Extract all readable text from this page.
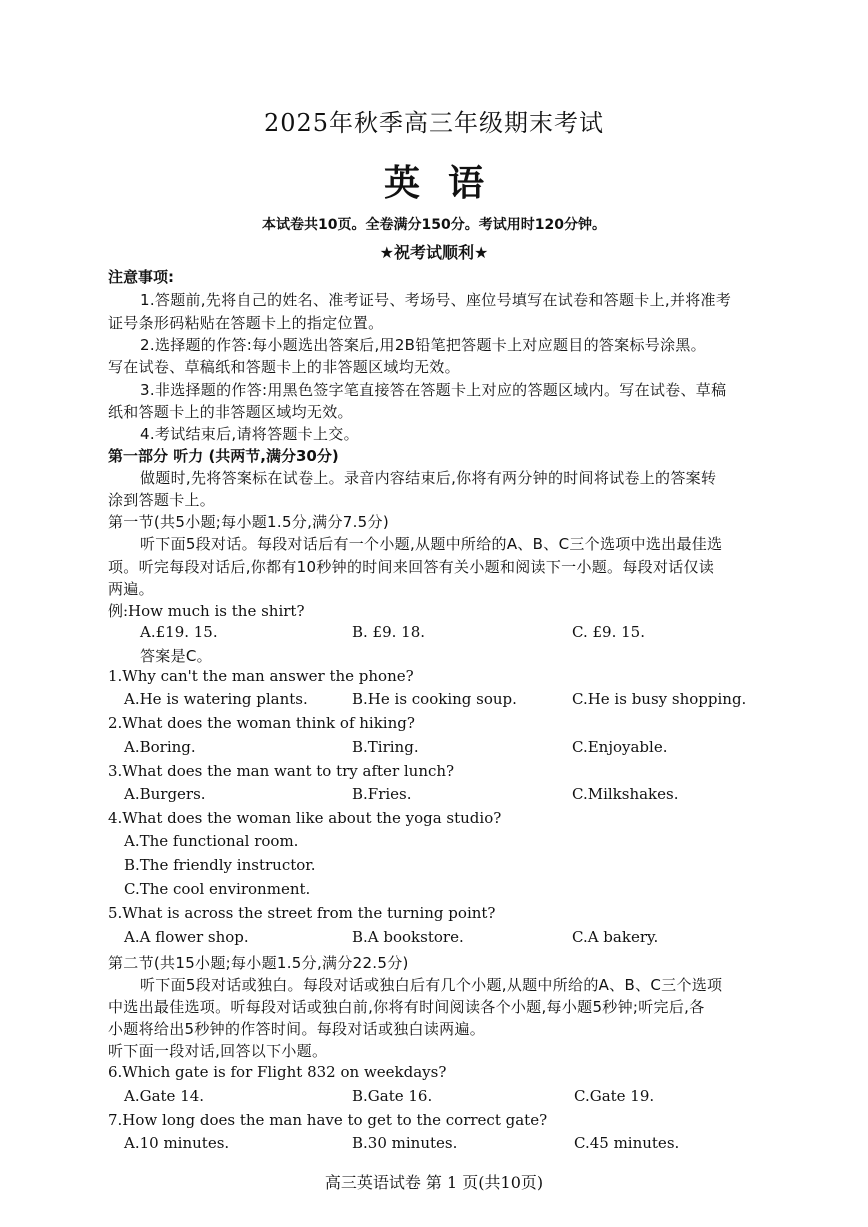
2025年秋季高三年级期末考试
英语
本试卷共10页。全卷满分150分。考试用时120分钟。
★祝考试顺利★
注意事项:
1.答题前,先将自己的姓名、准考证号、考场号、座位号填写在试卷和答题卡上,并将准考
证号条形码粘贴在答题卡上的指定位置。
2.选择题的作答:每小题选出答案后,用2B铅笔把答题卡上对应题目的答案标号涂黑。
写在试卷、草稿纸和答题卡上的非答题区域均无效。
3.非选择题的作答:用黑色签字笔直接答在答题卡上对应的答题区域内。写在试卷、草稿
纸和答题卡上的非答题区域均无效。
4.考试结束后,请将答题卡上交。
第一部分 听力 (共两节,满分30分)
做题时,先将答案标在试卷上。录音内容结束后,你将有两分钟的时间将试卷上的答案转
涂到答题卡上。
第一节(共5小题;每小题1.5分,满分7.5分)
听下面5段对话。每段对话后有一个小题,从题中所给的A、B、C三个选项中选出最佳选
项。听完每段对话后,你都有10秒钟的时间来回答有关小题和阅读下一小题。每段对话仅读
两遍。
例:How much is the shirt?
A.£19. 15.	B. £9. 18.	C. £9. 15.
答案是C。
1.Why can't the man answer the phone?
A.He is watering plants.	B.He is cooking soup.	C.He is busy shopping.
2.What does the woman think of hiking?
A.Boring.	B.Tiring.	C.Enjoyable.
3.What does the man want to try after lunch?
A.Burgers.	B.Fries.	C.Milkshakes.
4.What does the woman like about the yoga studio?
A.The functional room.
B.The friendly instructor.
C.The cool environment.
5.What is across the street from the turning point?
A.A flower shop.	B.A bookstore.	C.A bakery.
第二节(共15小题;每小题1.5分,满分22.5分)
听下面5段对话或独白。每段对话或独白后有几个小题,从题中所给的A、B、C三个选项
中选出最佳选项。听每段对话或独白前,你将有时间阅读各个小题,每小题5秒钟;听完后,各
小题将给出5秒钟的作答时间。每段对话或独白读两遍。
听下面一段对话,回答以下小题。
6.Which gate is for Flight 832 on weekdays?
A.Gate 14.	B.Gate 16.	C.Gate 19.
7.How long does the man have to get to the correct gate?
A.10 minutes.	B.30 minutes.	C.45 minutes.
高三英语试卷 第 1 页(共10页)
